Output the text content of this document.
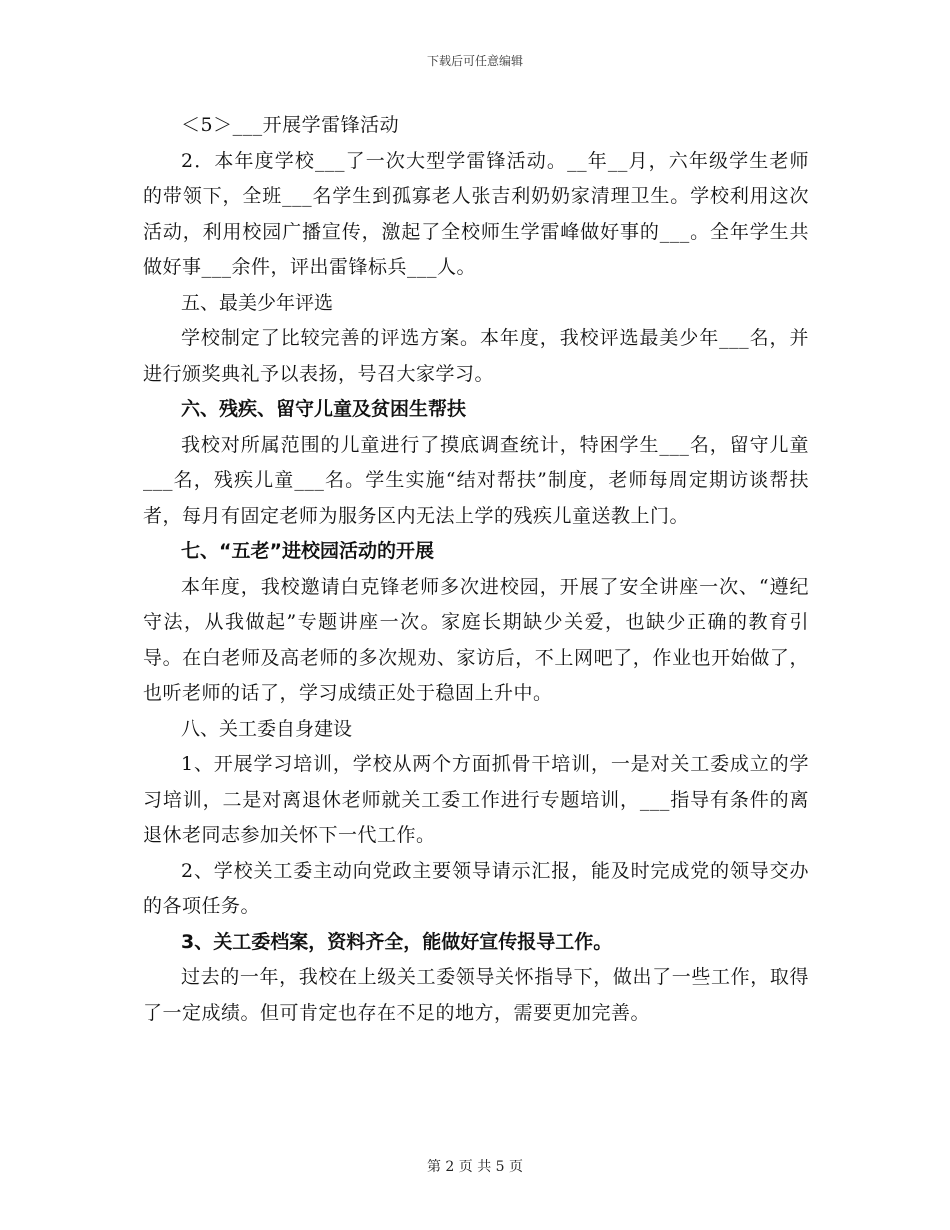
下载后可任意编辑

＜5＞___开展学雷锋活动

2．本年度学校___了一次大型学雷锋活动。__年__月，六年级学生老师的带领下，全班___名学生到孤寡老人张吉利奶奶家清理卫生。学校利用这次活动，利用校园广播宣传，激起了全校师生学雷峰做好事的___。全年学生共做好事___余件，评出雷锋标兵___人。

五、最美少年评选

学校制定了比较完善的评选方案。本年度，我校评选最美少年___名，并进行颁奖典礼予以表扬，号召大家学习。

六、残疾、留守儿童及贫困生帮扶

我校对所属范围的儿童进行了摸底调查统计，特困学生___名，留守儿童___名，残疾儿童___名。学生实施“结对帮扶”制度，老师每周定期访谈帮扶者，每月有固定老师为服务区内无法上学的残疾儿童送教上门。

七、“五老”进校园活动的开展

本年度，我校邀请白克锋老师多次进校园，开展了安全讲座一次、“遵纪守法，从我做起”专题讲座一次。家庭长期缺少关爱，也缺少正确的教育引导。在白老师及高老师的多次规劝、家访后，不上网吧了，作业也开始做了，也听老师的话了，学习成绩正处于稳固上升中。

八、关工委自身建设

1、开展学习培训，学校从两个方面抓骨干培训，一是对关工委成立的学习培训，二是对离退休老师就关工委工作进行专题培训，___指导有条件的离退休老同志参加关怀下一代工作。

2、学校关工委主动向党政主要领导请示汇报，能及时完成党的领导交办的各项任务。

3、关工委档案，资料齐全，能做好宣传报导工作。

过去的一年，我校在上级关工委领导关怀指导下，做出了一些工作，取得了一定成绩。但可肯定也存在不足的地方，需要更加完善。

第 2 页 共 5 页
